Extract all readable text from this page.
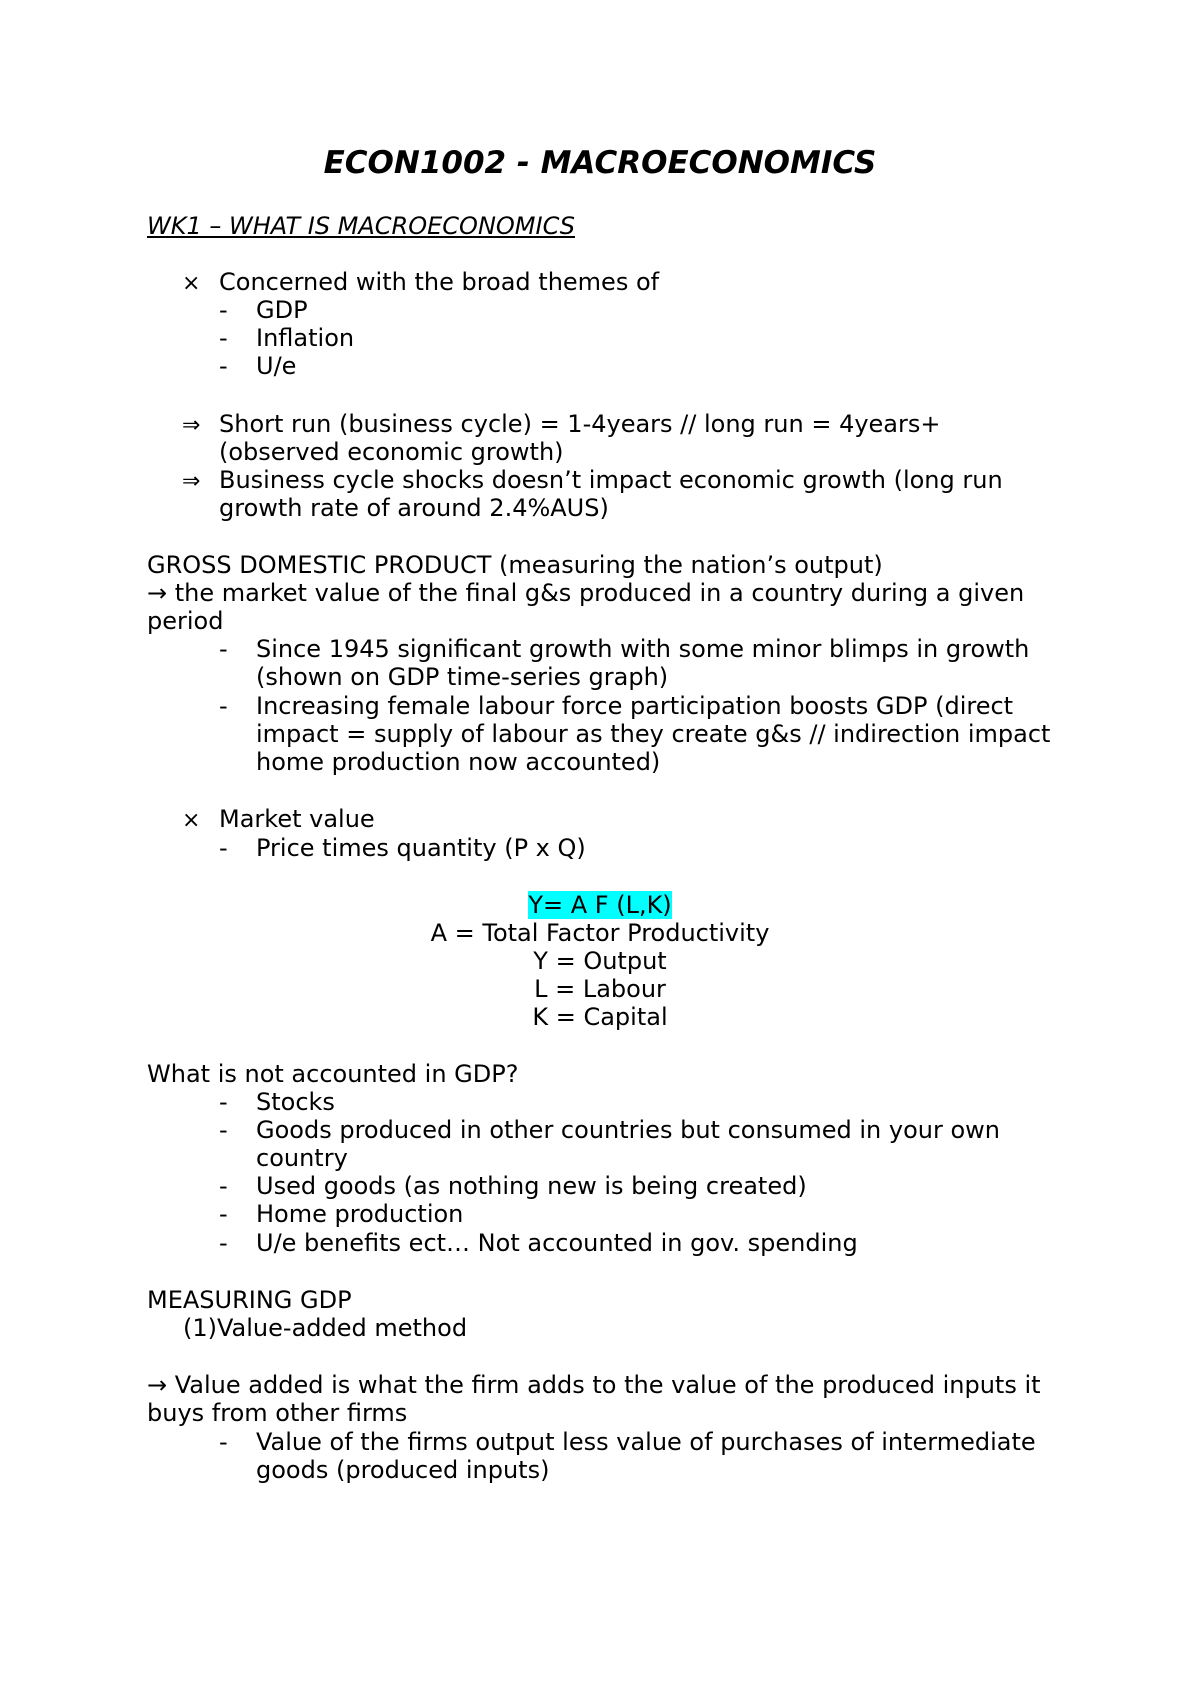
ECON1002 - MACROECONOMICS
WK1 – WHAT IS MACROECONOMICS
× Concerned with the broad themes of
- GDP
- Inflation
- U/e
⇒ Short run (business cycle) = 1-4years // long run = 4years+
(observed economic growth)
⇒ Business cycle shocks doesn’t impact economic growth (long run
growth rate of around 2.4%AUS)
GROSS DOMESTIC PRODUCT (measuring the nation’s output)
→ the market value of the final g&s produced in a country during a given
period
- Since 1945 significant growth with some minor blimps in growth
(shown on GDP time-series graph)
- Increasing female labour force participation boosts GDP (direct
impact = supply of labour as they create g&s // indirection impact
home production now accounted)
× Market value
- Price times quantity (P x Q)
Y= A F (L,K)
A = Total Factor Productivity
Y = Output
L = Labour
K = Capital
What is not accounted in GDP?
- Stocks
- Goods produced in other countries but consumed in your own
country
- Used goods (as nothing new is being created)
- Home production
- U/e benefits ect… Not accounted in gov. spending
MEASURING GDP
(1)Value-added method
→ Value added is what the firm adds to the value of the produced inputs it
buys from other firms
- Value of the firms output less value of purchases of intermediate
goods (produced inputs)
